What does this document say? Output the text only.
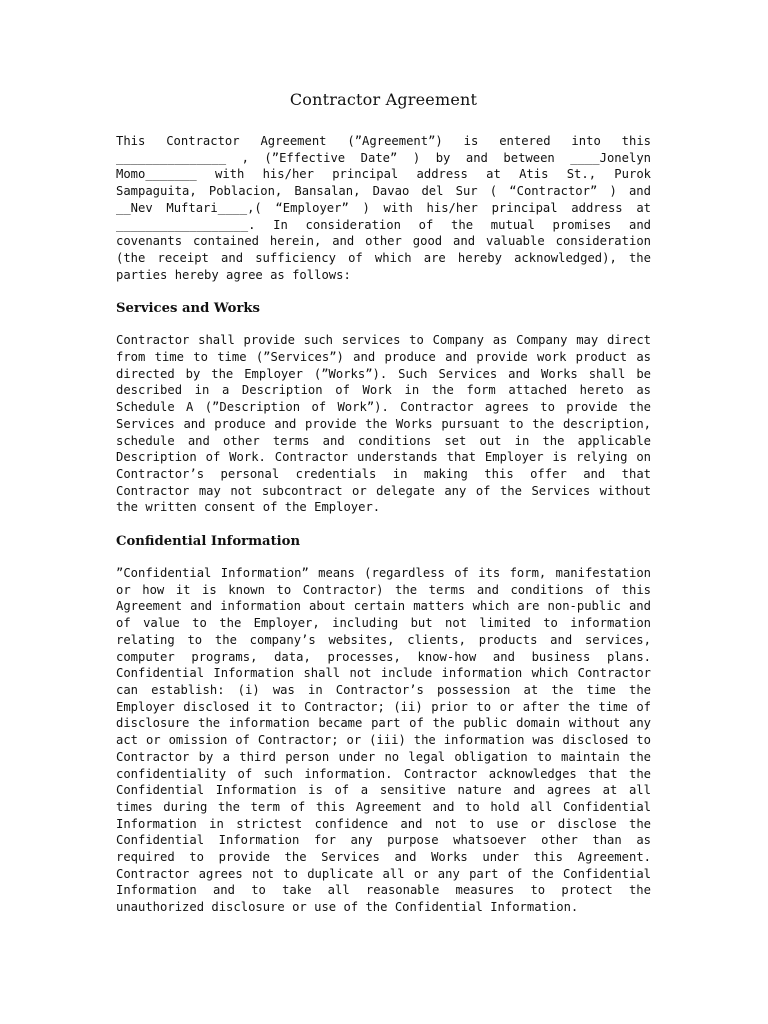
Contractor Agreement

This Contractor Agreement (”Agreement”) is entered into this _______________ , (”Effective Date” ) by and between ____Jonelyn Momo_______ with his/her principal address at Atis St., Purok Sampaguita, Poblacion, Bansalan, Davao del Sur ( “Contractor” ) and __Nev Muftari____,( “Employer” ) with his/her principal address at __________________. In consideration of the mutual promises and covenants contained herein, and other good and valuable consideration (the receipt and sufficiency of which are hereby acknowledged), the parties hereby agree as follows:

Services and Works

Contractor shall provide such services to Company as Company may direct from time to time (”Services”) and produce and provide work product as directed by the Employer (”Works”). Such Services and Works shall be described in a Description of Work in the form attached hereto as Schedule A (”Description of Work”). Contractor agrees to provide the Services and produce and provide the Works pursuant to the description, schedule and other terms and conditions set out in the applicable Description of Work. Contractor understands that Employer is relying on Contractor’s personal credentials in making this offer and that Contractor may not subcontract or delegate any of the Services without the written consent of the Employer.

Confidential Information

”Confidential Information” means (regardless of its form, manifestation or how it is known to Contractor) the terms and conditions of this Agreement and information about certain matters which are non-public and of value to the Employer, including but not limited to information relating to the company’s websites, clients, products and services, computer programs, data, processes, know-how and business plans. Confidential Information shall not include information which Contractor can establish: (i) was in Contractor’s possession at the time the Employer disclosed it to Contractor; (ii) prior to or after the time of disclosure the information became part of the public domain without any act or omission of Contractor; or (iii) the information was disclosed to Contractor by a third person under no legal obligation to maintain the confidentiality of such information. Contractor acknowledges that the Confidential Information is of a sensitive nature and agrees at all times during the term of this Agreement and to hold all Confidential Information in strictest confidence and not to use or disclose the Confidential Information for any purpose whatsoever other than as required to provide the Services and Works under this Agreement. Contractor agrees not to duplicate all or any part of the Confidential Information and to take all reasonable measures to protect the unauthorized disclosure or use of the Confidential Information.
